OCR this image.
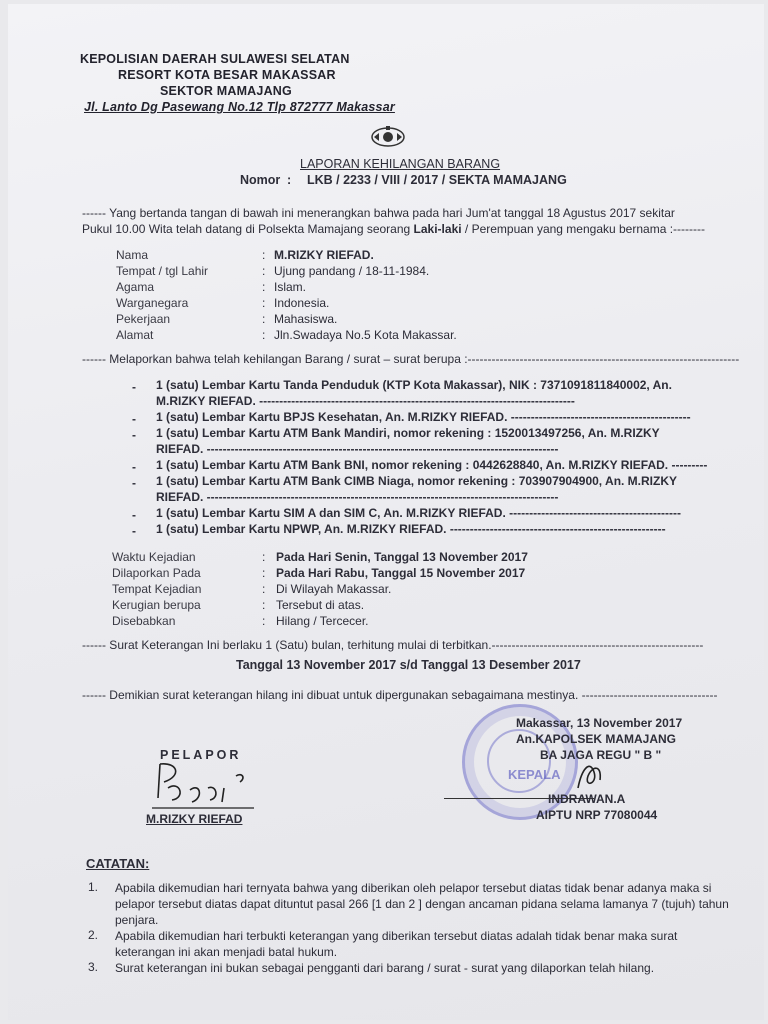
KEPOLISIAN DAERAH SULAWESI SELATAN
RESORT KOTA BESAR MAKASSAR
SEKTOR MAMAJANG
Jl. Lanto Dg Pasewang No.12 Tlp 872777 Makassar
LAPORAN KEHILANGAN BARANG
Nomor : LKB / 2233 / VIII / 2017 / SEKTA MAMAJANG
------ Yang bertanda tangan di bawah ini menerangkan bahwa pada hari Jum'at tanggal 18 Agustus 2017 sekitar
Pukul 10.00 Wita telah datang di Polsekta Mamajang seorang Laki-laki / Perempuan yang mengaku bernama :--------
Nama	: M.RIZKY RIEFAD.
Tempat / tgl Lahir	: Ujung pandang / 18-11-1984.
Agama	: Islam.
Warganegara	: Indonesia.
Pekerjaan	: Mahasiswa.
Alamat	: Jln.Swadaya No.5 Kota Makassar.
------ Melaporkan bahwa telah kehilangan Barang / surat – surat berupa :--------------------------------------------------------------------
- 1 (satu) Lembar Kartu Tanda Penduduk (KTP Kota Makassar), NIK : 7371091811840002, An.
M.RIZKY RIEFAD. -------------------------------------------------------------------------------
- 1 (satu) Lembar Kartu BPJS Kesehatan, An. M.RIZKY RIEFAD. ---------------------------------------------
- 1 (satu) Lembar Kartu ATM Bank Mandiri, nomor rekening : 1520013497256, An. M.RIZKY
RIEFAD. ----------------------------------------------------------------------------------------
- 1 (satu) Lembar Kartu ATM Bank BNI, nomor rekening : 0442628840, An. M.RIZKY RIEFAD. ---------
- 1 (satu) Lembar Kartu ATM Bank CIMB Niaga, nomor rekening : 703907904900, An. M.RIZKY
RIEFAD. ----------------------------------------------------------------------------------------
- 1 (satu) Lembar Kartu SIM A dan SIM C, An. M.RIZKY RIEFAD. -------------------------------------------
- 1 (satu) Lembar Kartu NPWP, An. M.RIZKY RIEFAD. ------------------------------------------------------
Waktu Kejadian	: Pada Hari Senin, Tanggal 13 November 2017
Dilaporkan Pada	: Pada Hari Rabu, Tanggal 15 November 2017
Tempat Kejadian	: Di Wilayah Makassar.
Kerugian berupa	: Tersebut di atas.
Disebabkan	: Hilang / Tercecer.
------ Surat Keterangan Ini berlaku 1 (Satu) bulan, terhitung mulai di terbitkan.-----------------------------------------------------
Tanggal 13 November 2017 s/d Tanggal 13 Desember 2017
------ Demikian surat keterangan hilang ini dibuat untuk dipergunakan sebagaimana mestinya. ----------------------------------
KEPALA
Makassar, 13 November 2017
An.KAPOLSEK MAMAJANG
BA JAGA REGU " B "
INDRAWAN.A
AIPTU NRP 77080044
PELAPOR
M.RIZKY RIEFAD
CATATAN:
1. Apabila dikemudian hari ternyata bahwa yang diberikan oleh pelapor tersebut diatas tidak benar adanya maka si pelapor tersebut diatas dapat dituntut pasal 266 [1 dan 2 ] dengan ancaman pidana selama lamanya 7 (tujuh) tahun penjara.
2. Apabila dikemudian hari terbukti keterangan yang diberikan tersebut diatas adalah tidak benar maka surat keterangan ini akan menjadi batal hukum.
3. Surat keterangan ini bukan sebagai pengganti dari barang / surat - surat yang dilaporkan telah hilang.
